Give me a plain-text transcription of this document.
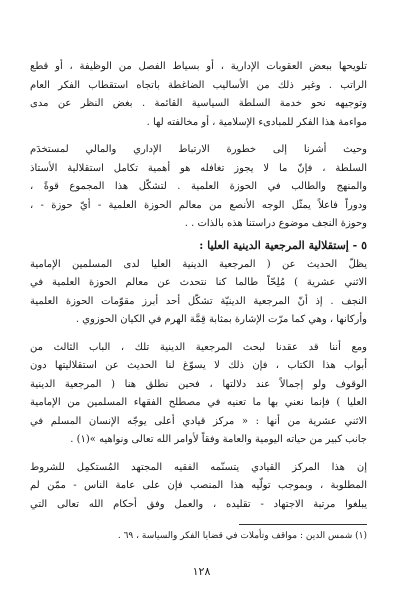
تلويحها ببعض العقوبات الإدارية ، أو بسياط الفصل من الوظيفة ، أو قطع
الراتب . وغير ذلك من الأساليب الضاغطة باتجاه استقطاب الفكر العام
وتوجيهه نحو خدمة السلطة السياسية القائمة . بغض النظر عن مدى
مواءمة هذا الفكر للمبادىء الإسلامية ، أو مخالفته لها .

وحيث أشرنا إلى خطورة الارتباط الإداري والمالي لمستخدَم
السلطة ، فإنّ ما لا يجوز تغافله هو أهمية تكامل استقلالية الأستاذ
والمنهج والطالب في الحوزة العلمية . لتشكّل هذا المجموع قوةً ،
ودوراً فاعلاً يمثّل الوجه الأنصع من معالم الحوزة العلمية - أيّ حوزة - ،
وحوزة النجف موضوع دراستنا هذه بالذات . .

٥ - إستقلالية المرجعية الدينية العليا :

يظلّ الحديث عن ( المرجعية الدينية العليا لدى المسلمين الإمامية
الاثني عشرية ) مُلِحّاً طالما كنا نتحدث عن معالم الحوزة العلمية في
النجف . إذ أنّ المرجعية الدينيّة تشكّل أحد أبرز مقوّمات الحوزة العلمية
وأركانها ، وهي كما مرّت الإشارة بمثابة قِمَّة الهرم في الكيان الحوزوي .

ومع أننا قد عقدنا لبحث المرجعية الدينية تلك ، الباب الثالث من
أبواب هذا الكتاب ، فإن ذلك لا يسوّغ لنا الحديث عن استقلاليتها دون
الوقوف ولو إجمالاً عند دلالتها ، فحين نطلق هنا ( المرجعية الدينية
العليا ) فإنما نعني بها ما تعنيه في مصطلح الفقهاء المسلمين من الإمامية
الاثني عشرية من أنها : « مركز قيادي أعلى يوجّه الإنسان المسلم في
جانب كبير من حياته اليومية والعامة وفقاً لأوامر الله تعالى ونواهيه »(١) .

إن هذا المركز القيادي يتسنّمه الفقيه المجتهد المُستكمِل للشروط
المطلوبة ، وبموجب تولّيه هذا المنصب فإن على عامة الناس - ممّن لم
يبلغوا مرتبة الاجتهاد - تقليده ، والعمل وفق أحكام الله تعالى التي

(١) شمس الدين : مواقف وتأملات في قضايا الفكر والسياسة ، ٦٩ .

١٢٨
